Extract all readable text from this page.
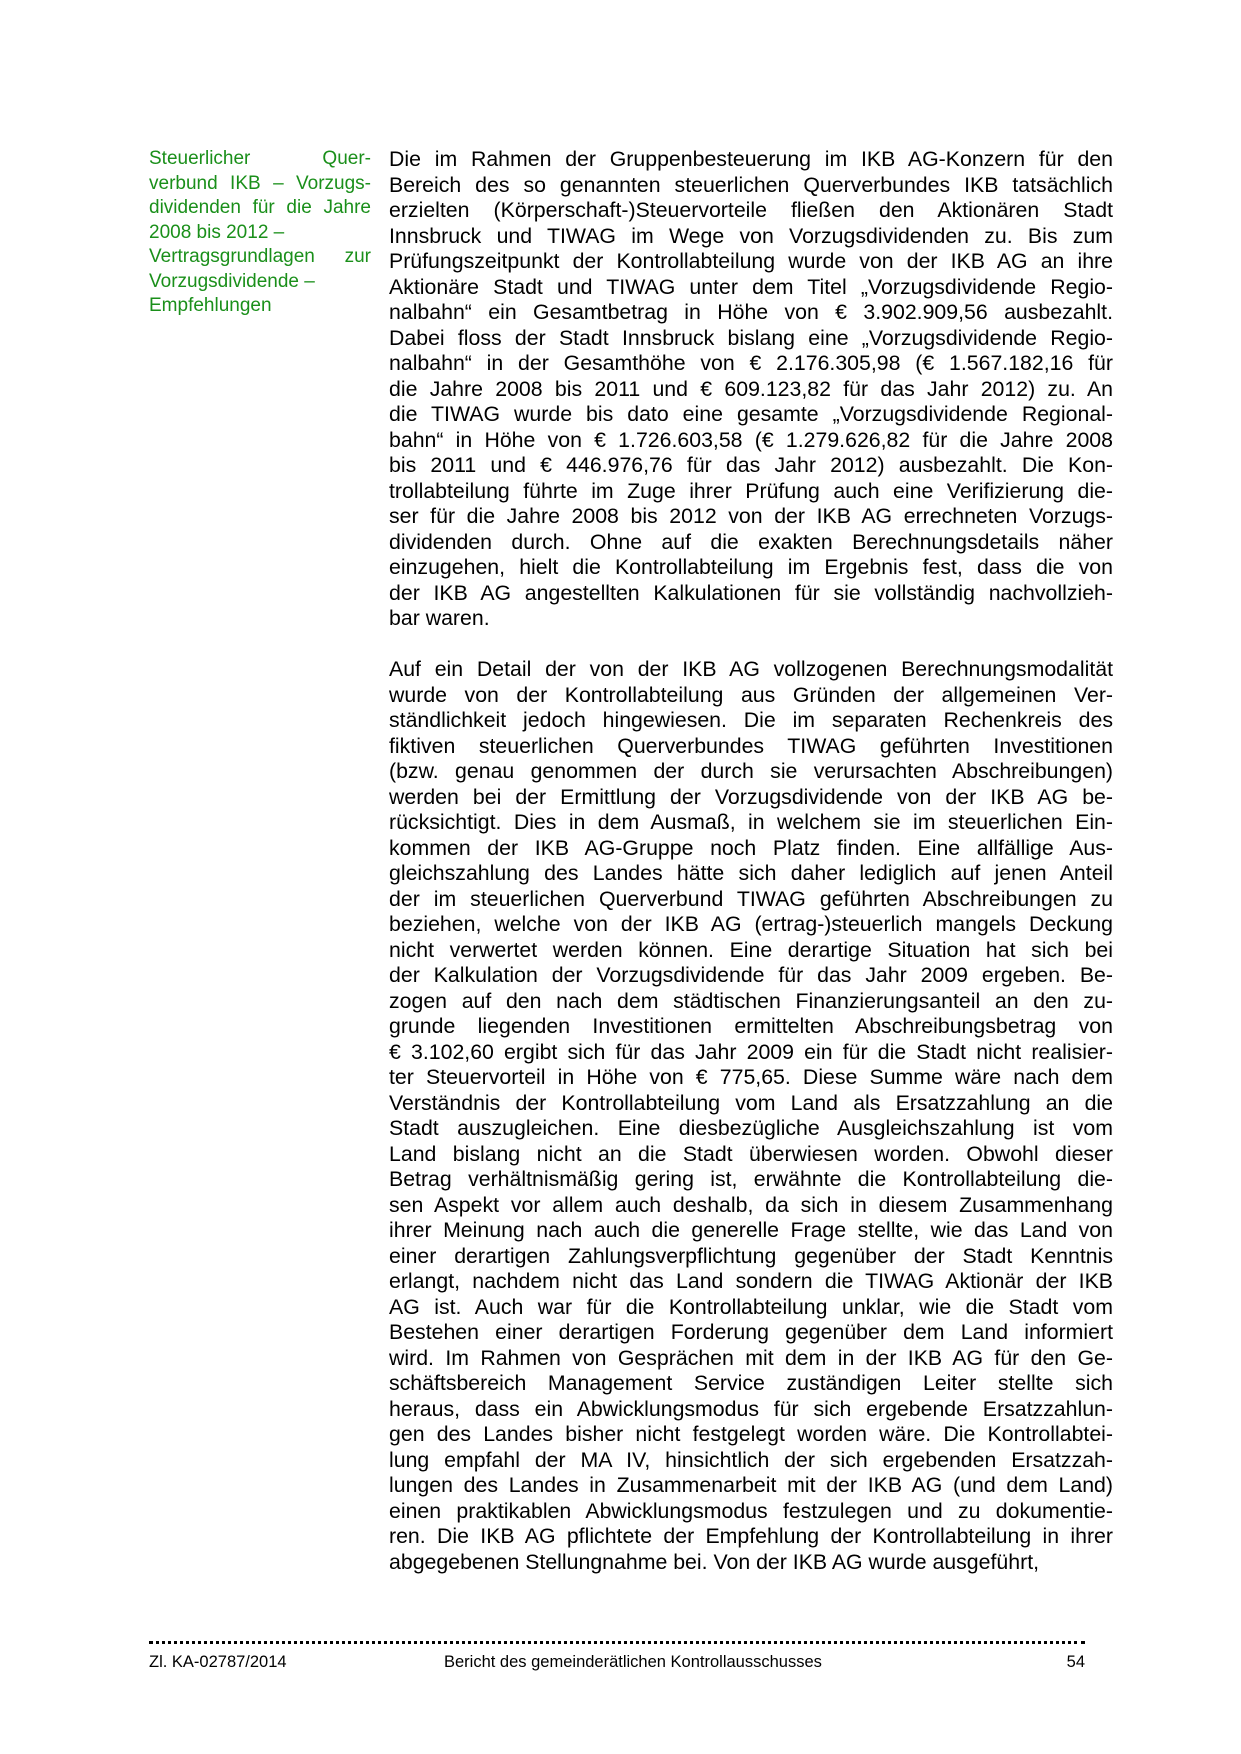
Steuerlicher Quer-
verbund IKB – Vorzugs-
dividenden für die Jahre
2008 bis 2012 –
Vertragsgrundlagen zur
Vorzugsdividende –
Empfehlungen
Die im Rahmen der Gruppenbesteuerung im IKB AG-Konzern für den
Bereich des so genannten steuerlichen Querverbundes IKB tatsächlich
erzielten (Körperschaft-)Steuervorteile fließen den Aktionären Stadt
Innsbruck und TIWAG im Wege von Vorzugsdividenden zu. Bis zum
Prüfungszeitpunkt der Kontrollabteilung wurde von der IKB AG an ihre
Aktionäre Stadt und TIWAG unter dem Titel „Vorzugsdividende Regio-
nalbahn“ ein Gesamtbetrag in Höhe von € 3.902.909,56 ausbezahlt.
Dabei floss der Stadt Innsbruck bislang eine „Vorzugsdividende Regio-
nalbahn“ in der Gesamthöhe von € 2.176.305,98 (€ 1.567.182,16 für
die Jahre 2008 bis 2011 und € 609.123,82 für das Jahr 2012) zu. An
die TIWAG wurde bis dato eine gesamte „Vorzugsdividende Regional-
bahn“ in Höhe von € 1.726.603,58 (€ 1.279.626,82 für die Jahre 2008
bis 2011 und € 446.976,76 für das Jahr 2012) ausbezahlt. Die Kon-
trollabteilung führte im Zuge ihrer Prüfung auch eine Verifizierung die-
ser für die Jahre 2008 bis 2012 von der IKB AG errechneten Vorzugs-
dividenden durch. Ohne auf die exakten Berechnungsdetails näher
einzugehen, hielt die Kontrollabteilung im Ergebnis fest, dass die von
der IKB AG angestellten Kalkulationen für sie vollständig nachvollzieh-
bar waren.
Auf ein Detail der von der IKB AG vollzogenen Berechnungsmodalität
wurde von der Kontrollabteilung aus Gründen der allgemeinen Ver-
ständlichkeit jedoch hingewiesen. Die im separaten Rechenkreis des
fiktiven steuerlichen Querverbundes TIWAG geführten Investitionen
(bzw. genau genommen der durch sie verursachten Abschreibungen)
werden bei der Ermittlung der Vorzugsdividende von der IKB AG be-
rücksichtigt. Dies in dem Ausmaß, in welchem sie im steuerlichen Ein-
kommen der IKB AG-Gruppe noch Platz finden. Eine allfällige Aus-
gleichszahlung des Landes hätte sich daher lediglich auf jenen Anteil
der im steuerlichen Querverbund TIWAG geführten Abschreibungen zu
beziehen, welche von der IKB AG (ertrag-)steuerlich mangels Deckung
nicht verwertet werden können. Eine derartige Situation hat sich bei
der Kalkulation der Vorzugsdividende für das Jahr 2009 ergeben. Be-
zogen auf den nach dem städtischen Finanzierungsanteil an den zu-
grunde liegenden Investitionen ermittelten Abschreibungsbetrag von
€ 3.102,60 ergibt sich für das Jahr 2009 ein für die Stadt nicht realisier-
ter Steuervorteil in Höhe von € 775,65. Diese Summe wäre nach dem
Verständnis der Kontrollabteilung vom Land als Ersatzzahlung an die
Stadt auszugleichen. Eine diesbezügliche Ausgleichszahlung ist vom
Land bislang nicht an die Stadt überwiesen worden. Obwohl dieser
Betrag verhältnismäßig gering ist, erwähnte die Kontrollabteilung die-
sen Aspekt vor allem auch deshalb, da sich in diesem Zusammenhang
ihrer Meinung nach auch die generelle Frage stellte, wie das Land von
einer derartigen Zahlungsverpflichtung gegenüber der Stadt Kenntnis
erlangt, nachdem nicht das Land sondern die TIWAG Aktionär der IKB
AG ist. Auch war für die Kontrollabteilung unklar, wie die Stadt vom
Bestehen einer derartigen Forderung gegenüber dem Land informiert
wird. Im Rahmen von Gesprächen mit dem in der IKB AG für den Ge-
schäftsbereich Management Service zuständigen Leiter stellte sich
heraus, dass ein Abwicklungsmodus für sich ergebende Ersatzzahlun-
gen des Landes bisher nicht festgelegt worden wäre. Die Kontrollabtei-
lung empfahl der MA IV, hinsichtlich der sich ergebenden Ersatzzah-
lungen des Landes in Zusammenarbeit mit der IKB AG (und dem Land)
einen praktikablen Abwicklungsmodus festzulegen und zu dokumentie-
ren. Die IKB AG pflichtete der Empfehlung der Kontrollabteilung in ihrer
abgegebenen Stellungnahme bei. Von der IKB AG wurde ausgeführt,
Zl. KA-02787/2014	Bericht des gemeinderätlichen Kontrollausschusses	54
